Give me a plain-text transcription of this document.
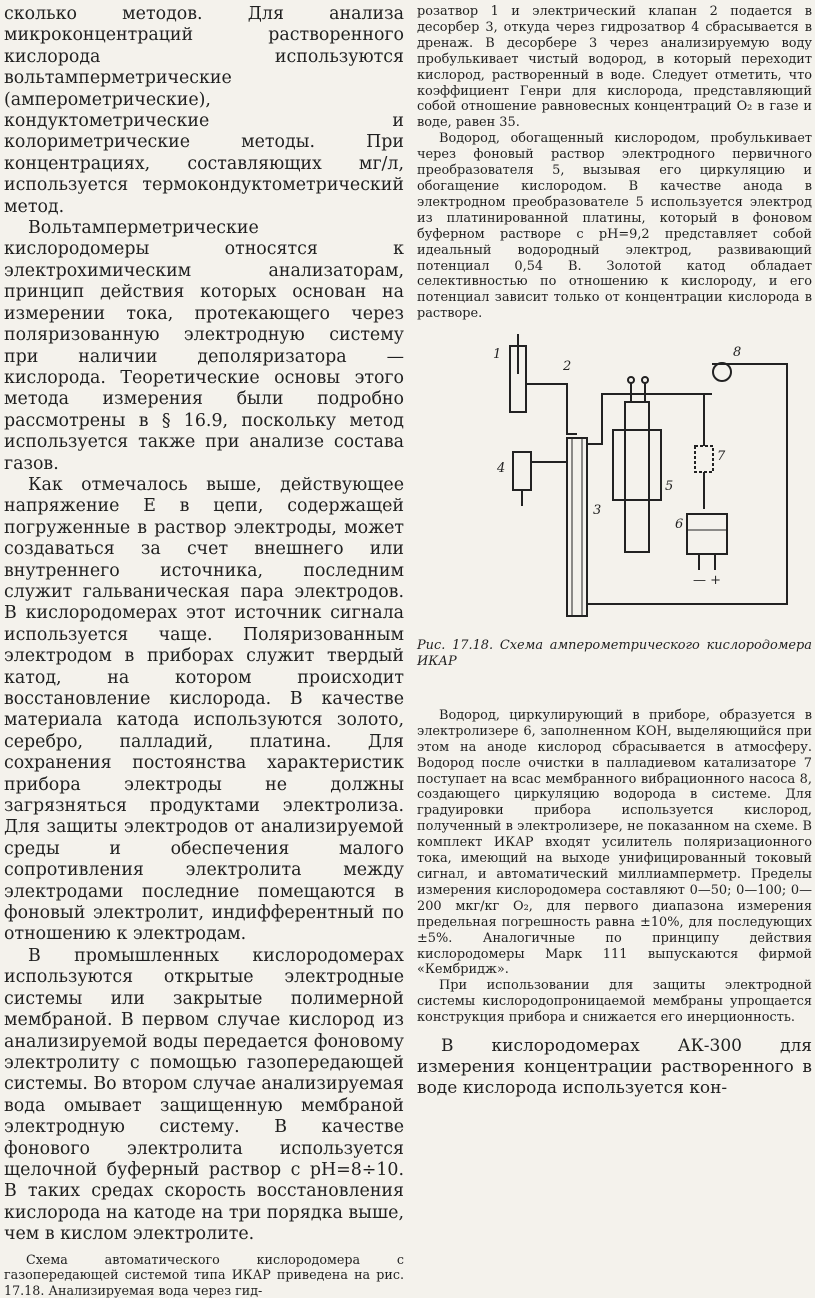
сколько методов. Для анализа микроконцентраций растворенного кислорода используются вольтамперметрические (амперометрические), кондуктометрические и колориметрические методы. При концентрациях, составляющих мг/л, используется термокондуктометрический метод.

Вольтамперметрические кислородомеры относятся к электрохимическим анализаторам, принцип действия которых основан на измерении тока, протекающего через поляризованную электродную систему при наличии деполяризатора — кислорода. Теоретические основы этого метода измерения были подробно рассмотрены в § 16.9, поскольку метод используется также при анализе состава газов.

Как отмечалось выше, действующее напряжение E в цепи, содержащей погруженные в раствор электроды, может создаваться за счет внешнего или внутреннего источника, последним служит гальваническая пара электродов. В кислородомерах этот источник сигнала используется чаще. Поляризованным электродом в приборах служит твердый катод, на котором происходит восстановление кислорода. В качестве материала катода используются золото, серебро, палладий, платина. Для сохранения постоянства характеристик прибора электроды не должны загрязняться продуктами электролиза. Для защиты электродов от анализируемой среды и обеспечения малого сопротивления электролита между электродами последние помещаются в фоновый электролит, индифферентный по отношению к электродам.

В промышленных кислородомерах используются открытые электродные системы или закрытые полимерной мембраной. В первом случае кислород из анализируемой воды передается фоновому электролиту с помощью газопередающей системы. Во втором случае анализируемая вода омывает защищенную мембраной электродную систему. В качестве фонового электролита используется щелочной буферный раствор с pH=8÷10. В таких средах скорость восстановления кислорода на катоде на три порядка выше, чем в кислом электролите.

Схема автоматического кислородомера с газопередающей системой типа ИКАР приведена на рис. 17.18. Анализируемая вода через гид-

розатвор 1 и электрический клапан 2 подается в десорбер 3, откуда через гидрозатвор 4 сбрасывается в дренаж. В десорбере 3 через анализируемую воду пробулькивает чистый водород, в который переходит кислород, растворенный в воде. Следует отметить, что коэффициент Генри для кислорода, представляющий собой отношение равновесных концентраций O₂ в газе и воде, равен 35.

Водород, обогащенный кислородом, пробулькивает через фоновый раствор электродного первичного преобразователя 5, вызывая его циркуляцию и обогащение кислородом. В качестве анода в электродном преобразователе 5 используется электрод из платинированной платины, который в фоновом буферном растворе с pH=9,2 представляет собой идеальный водородный электрод, развивающий потенциал 0,54 В. Золотой катод обладает селективностью по отношению к кислороду, и его потенциал зависит только от концентрации кислорода в растворе.

1
2
3
4
5
6
7
8
— +

Рис. 17.18. Схема амперометрического кислородомера ИКАР

Водород, циркулирующий в приборе, образуется в электролизере 6, заполненном КОН, выделяющийся при этом на аноде кислород сбрасывается в атмосферу. Водород после очистки в палладиевом катализаторе 7 поступает на всас мембранного вибрационного насоса 8, создающего циркуляцию водорода в системе. Для градуировки прибора используется кислород, полученный в электролизере, не показанном на схеме. В комплект ИКАР входят усилитель поляризационного тока, имеющий на выходе унифицированный токовый сигнал, и автоматический миллиамперметр. Пределы измерения кислородомера составляют 0—50; 0—100; 0—200 мкг/кг O₂, для первого диапазона измерения предельная погрешность равна ±10%, для последующих ±5%. Аналогичные по принципу действия кислородомеры Марк 111 выпускаются фирмой «Кембридж».

При использовании для защиты электродной системы кислородопроницаемой мембраны упрощается конструкция прибора и снижается его инерционность.

В кислородомерах АК-300 для измерения концентрации растворенного в воде кислорода используется кон-
